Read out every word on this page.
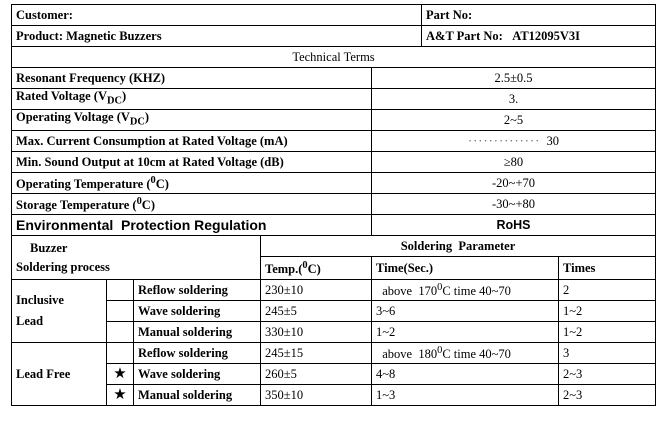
Customer:					Part No:	
Product: Magnetic Buzzers					A&T Part No: AT12095V3I	
Technical Terms						
Resonant Frequency (KHZ)				2.5±0.5		
Rated Voltage $(V_{DC})$				3.		
Operating Voltage $(V_{DC})$				2~5		
Max. Current Consumption at Rated Voltage (mA)				·············· 30		
Min. Sound Output at 10cm at Rated Voltage (dB)				≥80		
Operating Temperature ($^0$C)				-20~+70		
Storage Temperature ($^0$C)				-30~+80		
Environmental  Protection Regulation				RoHS		

Buzzer
Soldering process			Soldering  Parameter			
			Temp.($^0$C)	Time(Sec.)		Times

Inclusive
Lead		Reflow soldering	230±10	above  $170^0C$ time 40~70		2
		Wave soldering	245±5	3~6		1~2
		Manual soldering	330±10	1~2		1~2
Lead Free		Reflow soldering	245±15	above  $180^0C$ time 40~70		3
	★	Wave soldering	260±5	4~8		2~3
	★	Manual soldering	350±10	1~3		2~3
